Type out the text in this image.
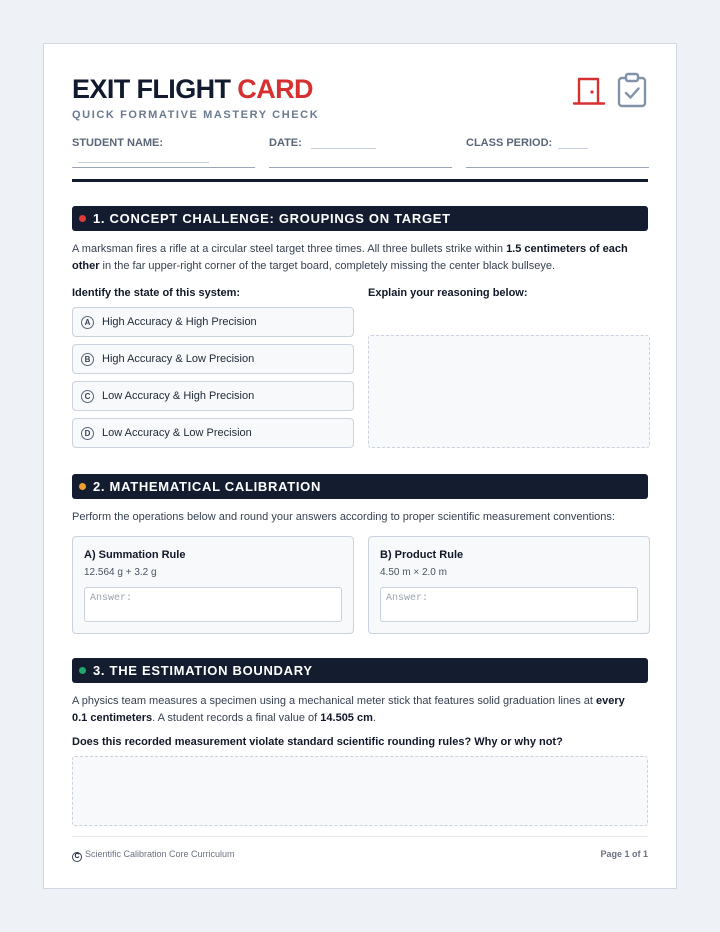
EXIT FLIGHT CARD
QUICK FORMATIVE MASTERY CHECK
STUDENT NAME:	DATE:	CLASS PERIOD:
1. CONCEPT CHALLENGE: GROUPINGS ON TARGET
A marksman fires a rifle at a circular steel target three times. All three bullets strike within 1.5 centimeters of each
other in the far upper-right corner of the target board, completely missing the center black bullseye.
Identify the state of this system:	Explain your reasoning below:
A	High Accuracy & High Precision
B	High Accuracy & Low Precision
C	Low Accuracy & High Precision
D	Low Accuracy & Low Precision
2. MATHEMATICAL CALIBRATION
Perform the operations below and round your answers according to proper scientific measurement conventions:
A) Summation Rule
12.564 g + 3.2 g
Answer:
B) Product Rule
4.50 m × 2.0 m
Answer:
3. THE ESTIMATION BOUNDARY
A physics team measures a specimen using a mechanical meter stick that features solid graduation lines at every
0.1 centimeters. A student records a final value of 14.505 cm.
Does this recorded measurement violate standard scientific rounding rules? Why or why not?
C Scientific Calibration Core Curriculum	Page 1 of 1
